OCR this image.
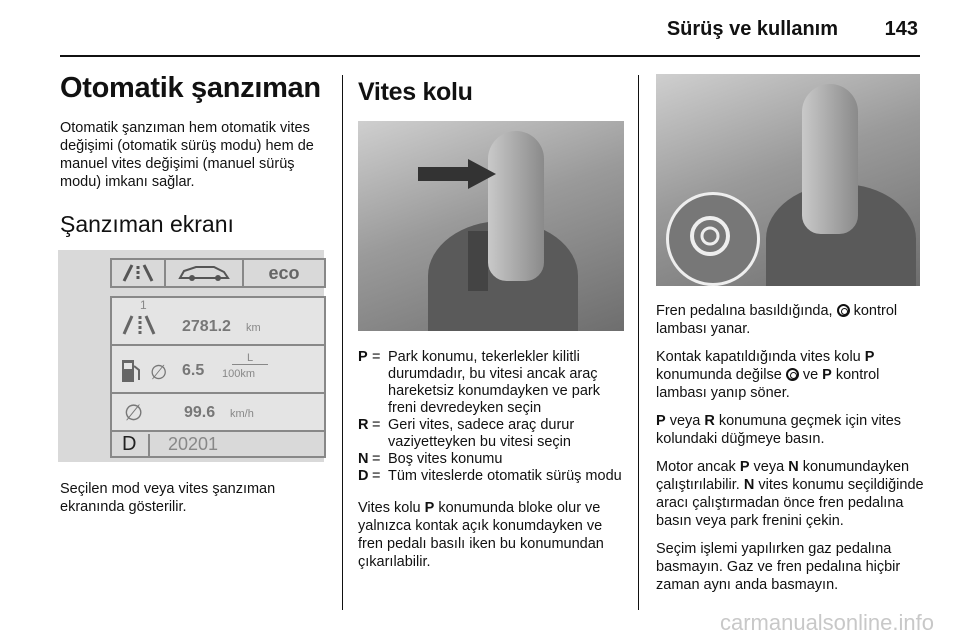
Sürüş ve kullanım 143
Otomatik şanzıman

Otomatik şanzıman hem otomatik vites değişimi (otomatik sürüş modu) hem de manuel vites değişimi (manuel sürüş modu) imkanı sağlar.

Şanzıman ekranı
eco
1
2781.2 km
∅ 6.5
L
100km
∅	99.6 km/h
D 20201

Seçilen mod veya vites şanzıman ekranında gösterilir.

Vites kolu
P = Park konumu, tekerlekler kilitli durumdadır, bu vitesi ancak araç hareketsiz konumdayken ve park freni devredeyken seçin
R = Geri vites, sadece araç durur vaziyetteyken bu vitesi seçin
N = Boş vites konumu
D = Tüm viteslerde otomatik sürüş modu

Vites kolu P konumunda bloke olur ve yalnızca kontak açık konumdayken ve fren pedalı basılı iken bu konumundan çıkarılabilir.

Fren pedalına basıldığında,  kontrol lambası yanar.

Kontak kapatıldığında vites kolu P konumunda değilse  ve P kontrol lambası yanıp söner.

P veya R konumuna geçmek için vites kolundaki düğmeye basın.

Motor ancak P veya N konumundayken çalıştırılabilir. N vites konumu seçildiğinde aracı çalıştırmadan önce fren pedalına basın veya park frenini çekin.

Seçim işlemi yapılırken gaz pedalına basmayın. Gaz ve fren pedalına hiçbir zaman aynı anda basmayın.

carmanualsonline.info
